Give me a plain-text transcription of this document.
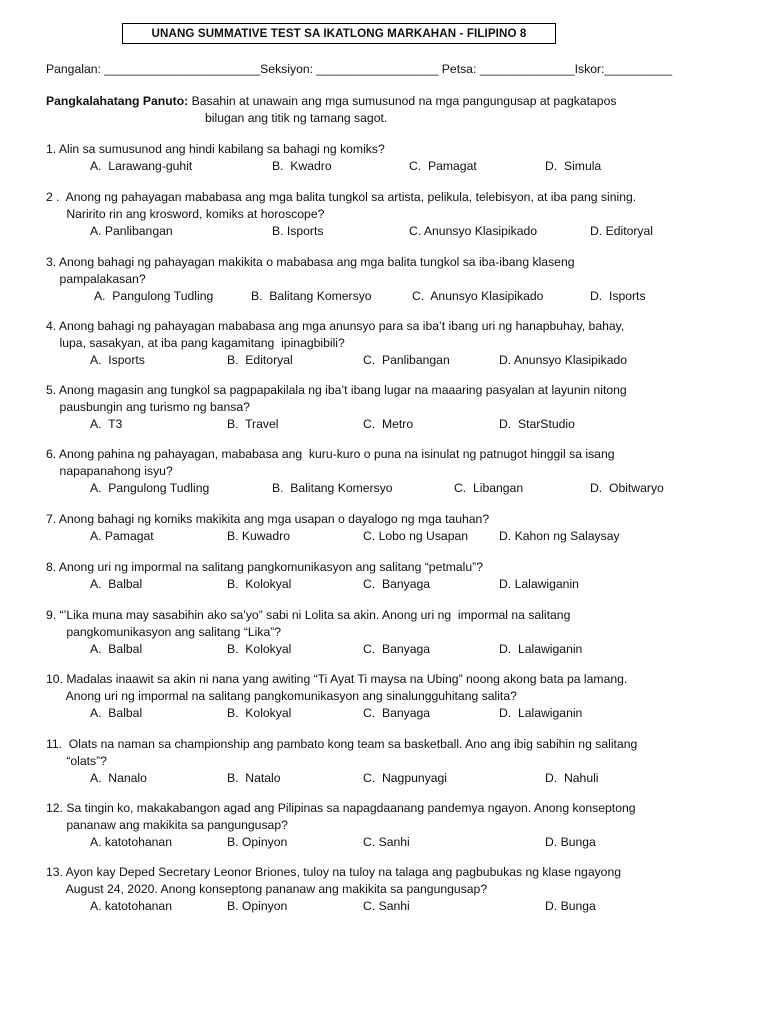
UNANG SUMMATIVE TEST SA IKATLONG MARKAHAN - FILIPINO 8
Pangalan: _______________________Seksiyon: __________________ Petsa: ______________Iskor:__________
Pangkalahatang Panuto: Basahin at unawain ang mga sumusunod na mga pangungusap at pagkatapos
bilugan ang titik ng tamang sagot.
1. Alin sa sumusunod ang hindi kabilang sa bahagi ng komiks?
A.  Larawang-guhit	B.  Kwadro	C.  Pamagat	D.  Simula
2 .  Anong ng pahayagan mababasa ang mga balita tungkol sa artista, pelikula, telebisyon, at iba pang sining.
Naririto rin ang krosword, komiks at horoscope?
A. Panlibangan	B. Isports	C. Anunsyo Klasipikado	D. Editoryal
3. Anong bahagi ng pahayagan makikita o mababasa ang mga balita tungkol sa iba-ibang klaseng
pampalakasan?
A.  Pangulong Tudling	B.  Balitang Komersyo	C.  Anunsyo Klasipikado	D.  Isports
4. Anong bahagi ng pahayagan mababasa ang mga anunsyo para sa iba’t ibang uri ng hanapbuhay, bahay,
lupa, sasakyan, at iba pang kagamitang  ipinagbibili?
A.  Isports	B.  Editoryal	C.  Panlibangan	D. Anunsyo Klasipikado
5. Anong magasin ang tungkol sa pagpapakilala ng iba’t ibang lugar na maaaring pasyalan at layunin nitong
pausbungin ang turismo ng bansa?
A.  T3	B.  Travel	C.  Metro	D.  StarStudio
6. Anong pahina ng pahayagan, mababasa ang  kuru-kuro o puna na isinulat ng patnugot hinggil sa isang
napapanahong isyu?
A.  Pangulong Tudling	B.  Balitang Komersyo	C.  Libangan	D.  Obitwaryo
7. Anong bahagi ng komiks makikita ang mga usapan o dayalogo ng mga tauhan?
A. Pamagat	B. Kuwadro	C. Lobo ng Usapan	D. Kahon ng Salaysay
8. Anong uri ng impormal na salitang pangkomunikasyon ang salitang “petmalu”?
A.  Balbal	B.  Kolokyal	C.  Banyaga	D. Lalawiganin
9. “’Lika muna may sasabihin ako sa’yo” sabi ni Lolita sa akin. Anong uri ng  impormal na salitang
pangkomunikasyon ang salitang “Lika”?
A.  Balbal	B.  Kolokyal	C.  Banyaga	D.  Lalawiganin
10. Madalas inaawit sa akin ni nana yang awiting “Ti Ayat Ti maysa na Ubing” noong akong bata pa lamang.
Anong uri ng impormal na salitang pangkomunikasyon ang sinalungguhitang salita?
A.  Balbal	B.  Kolokyal	C.  Banyaga	D.  Lalawiganin
11.  Olats na naman sa championship ang pambato kong team sa basketball. Ano ang ibig sabihin ng salitang
“olats”?
A.  Nanalo	B.  Natalo	C.  Nagpunyagi	D.  Nahuli
12. Sa tingin ko, makakabangon agad ang Pilipinas sa napagdaanang pandemya ngayon. Anong konseptong
pananaw ang makikita sa pangungusap?
A. katotohanan	B. Opinyon	C. Sanhi	D. Bunga
13. Ayon kay Deped Secretary Leonor Briones, tuloy na tuloy na talaga ang pagbubukas ng klase ngayong
August 24, 2020. Anong konseptong pananaw ang makikita sa pangungusap?
A. katotohanan	B. Opinyon	C. Sanhi	D. Bunga
